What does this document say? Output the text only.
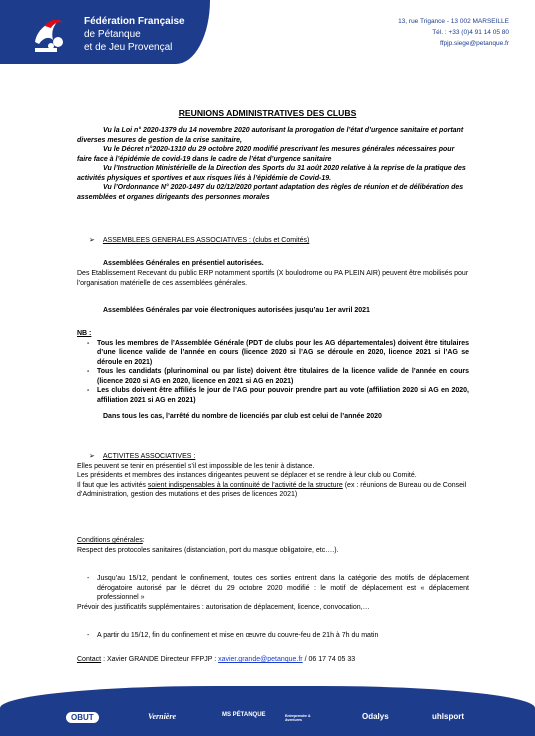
Fédération Française
de Pétanque
et de Jeu Provençal
13, rue Trigance - 13 002 MARSEILLE
Tél. : +33 (0)4 91 14 05 80
ffpjp.siege@petanque.fr
REUNIONS ADMINISTRATIVES DES CLUBS

Vu la Loi n° 2020-1379 du 14 novembre 2020 autorisant la prorogation de l’état d’urgence sanitaire et portant diverses mesures de gestion de la crise sanitaire,

Vu le Décret n°2020-1310 du 29 octobre 2020 modifié prescrivant les mesures générales nécessaires pour faire face à l’épidémie de covid-19 dans le cadre de l’état d’urgence sanitaire

Vu l’Instruction Ministérielle de la Direction des Sports du 31 août 2020 relative à la reprise de la pratique des activités physiques et sportives et aux risques liés à l’épidémie de Covid-19.

Vu l’Ordonnance N° 2020-1497 du 02/12/2020 portant adaptation des règles de réunion et de délibération des assemblées et organes dirigeants des personnes morales

➢ ASSEMBLEES GENERALES ASSOCIATIVES : (clubs et Comités)
Assemblées Générales en présentiel autorisées.
Des Etablissement Recevant du public ERP notamment sportifs (X boulodrome ou PA PLEIN AIR) peuvent être mobilisés pour l’organisation matérielle de ces assemblées générales.
Assemblées Générales par voie électroniques autorisées jusqu’au 1er avril 2021
NB :
-	Tous les membres de l’Assemblée Générale (PDT de clubs pour les AG départementales) doivent être titulaires d’une licence valide de l’année en cours (licence 2020 si l’AG se déroule en 2020, licence 2021 si l’AG se déroule en 2021)
-	Tous les candidats (plurinominal ou par liste) doivent être titulaires de la licence valide de l’année en cours (licence 2020 si AG en 2020, licence en 2021 si AG en 2021)
-	Les clubs doivent être affiliés le jour de l’AG pour pouvoir prendre part au vote (affiliation 2020 si AG en 2020, affiliation 2021 si AG en 2021)
Dans tous les cas, l’arrêté du nombre de licenciés par club est celui de l’année 2020
➢ ACTIVITES ASSOCIATIVES :
Elles peuvent se tenir en présentiel s’il est impossible de les tenir à distance.
Les présidents et membres des instances dirigeantes peuvent se déplacer et se rendre à leur club ou Comité.
Il faut que les activités soient indispensables à la continuité de l’activité de la structure (ex : réunions de Bureau ou de Conseil d’Administration, gestion des mutations et des prises de licences 2021)
Conditions générales:
Respect des protocoles sanitaires (distanciation, port du masque obligatoire, etc….).
-	Jusqu’au 15/12, pendant le confinement, toutes ces sorties entrent dans la catégorie des motifs de déplacement dérogatoire autorisé par le décret du 29 octobre 2020 modifié : le motif de déplacement est « déplacement professionnel »
Prévoir des justificatifs supplémentaires : autorisation de déplacement, licence, convocation,…
-	A partir du 15/12, fin du confinement et mise en œuvre du couvre-feu de 21h à 7h du matin
Contact : Xavier GRANDE Directeur FFPJP : xavier.grande@petanque.fr / 06 17 74 05 33
OBUT	Vernière	MS PÉTANQUE	Entreprendre & Aventures	Odalys	uhlsport
